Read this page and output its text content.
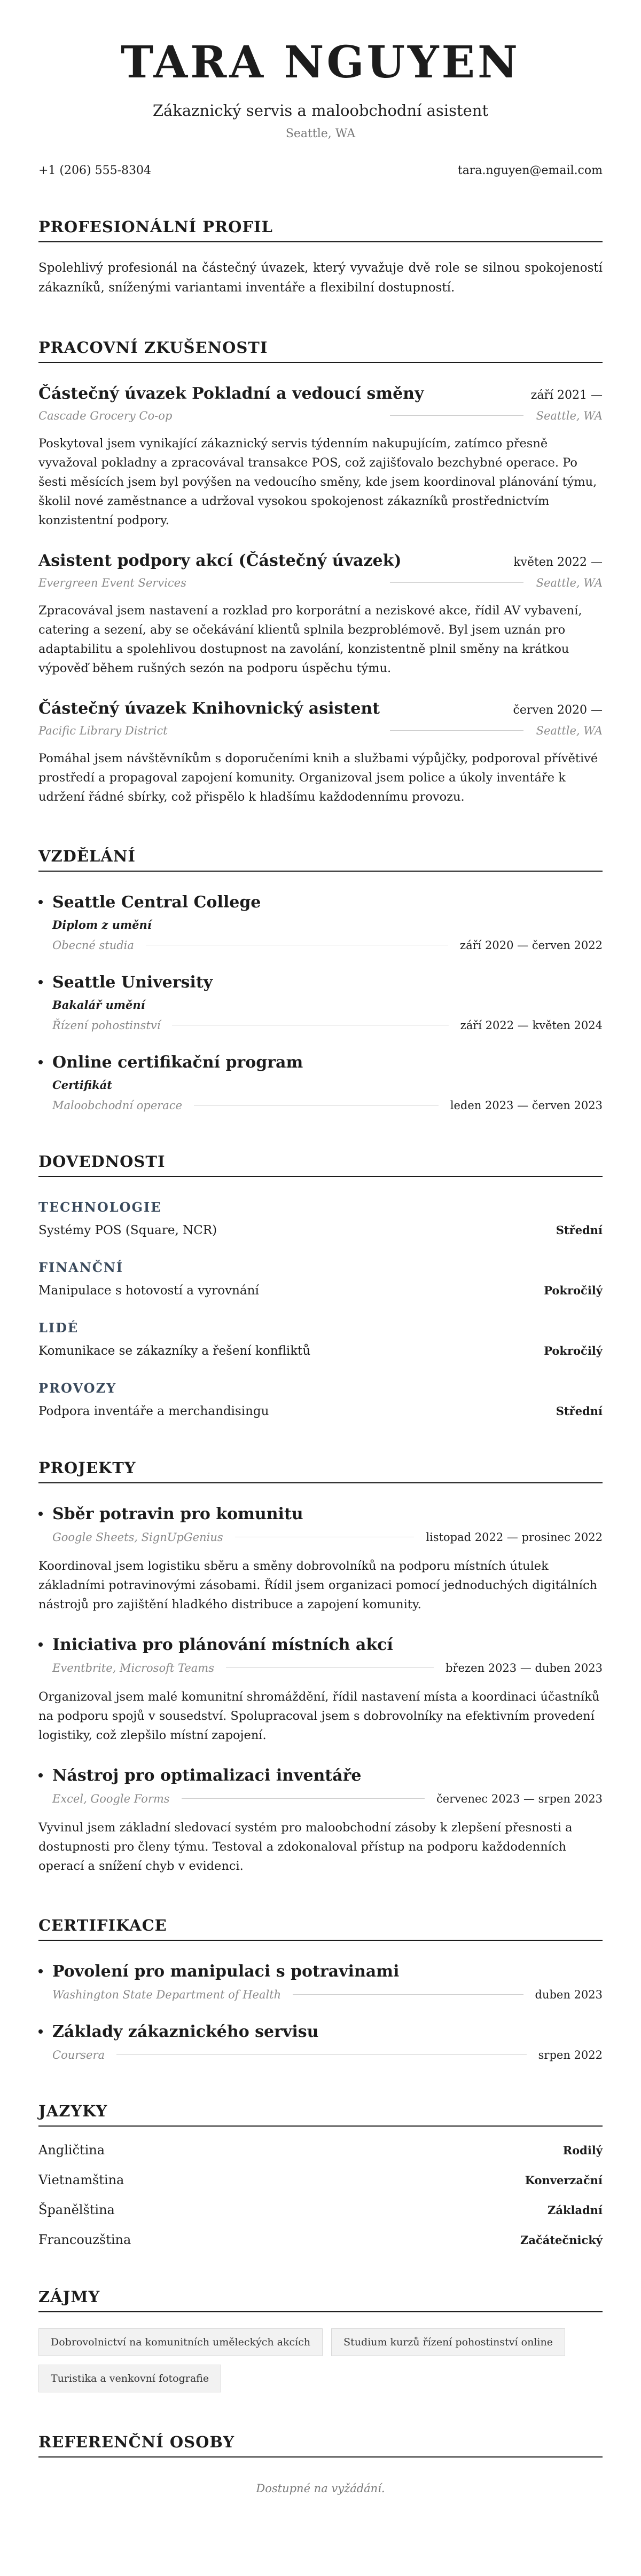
TARA NGUYEN
Zákaznický servis a maloobchodní asistent
Seattle, WA
+1 (206) 555-8304	tara.nguyen@email.com
PROFESIONÁLNÍ PROFIL

Spolehlivý profesionál na částečný úvazek, který vyvažuje dvě role se silnou spokojeností zákazníků, sníženými variantami inventáře a flexibilní dostupností.

PRACOVNÍ ZKUŠENOSTI
Částečný úvazek Pokladní a vedoucí směny	září 2021 —
Cascade Grocery Co-op	Seattle, WA
Poskytoval jsem vynikající zákaznický servis týdenním nakupujícím, zatímco přesně vyvažoval pokladny a zpracovával transakce POS, což zajišťovalo bezchybné operace. Po šesti měsících jsem byl povýšen na vedoucího směny, kde jsem koordinoval plánování týmu, školil nové zaměstnance a udržoval vysokou spokojenost zákazníků prostřednictvím konzistentní podpory.
Asistent podpory akcí (Částečný úvazek)	květen 2022 —
Evergreen Event Services	Seattle, WA
Zpracovával jsem nastavení a rozklad pro korporátní a neziskové akce, řídil AV vybavení, catering a sezení, aby se očekávání klientů splnila bezproblémově. Byl jsem uznán pro adaptabilitu a spolehlivou dostupnost na zavolání, konzistentně plnil směny na krátkou výpověď během rušných sezón na podporu úspěchu týmu.
Částečný úvazek Knihovnický asistent	červen 2020 —
Pacific Library District	Seattle, WA
Pomáhal jsem návštěvníkům s doporučeními knih a službami výpůjčky, podporoval přívětivé prostředí a propagoval zapojení komunity. Organizoval jsem police a úkoly inventáře k udržení řádné sbírky, což přispělo k hladšímu každodennímu provozu.
VZDĚLÁNÍ
Seattle Central College
Diplom z umění
Obecné studia	září 2020 — červen 2022
Seattle University
Bakalář umění
Řízení pohostinství	září 2022 — květen 2024
Online certifikační program
Certifikát
Maloobchodní operace	leden 2023 — červen 2023
DOVEDNOSTI
TECHNOLOGIE
Systémy POS (Square, NCR)	Střední
FINANČNÍ
Manipulace s hotovostí a vyrovnání	Pokročilý
LIDÉ
Komunikace se zákazníky a řešení konfliktů	Pokročilý
PROVOZY
Podpora inventáře a merchandisingu	Střední
PROJEKTY
Sběr potravin pro komunitu
Google Sheets, SignUpGenius	listopad 2022 — prosinec 2022
Koordinoval jsem logistiku sběru a směny dobrovolníků na podporu místních útulek základními potravinovými zásobami. Řídil jsem organizaci pomocí jednoduchých digitálních nástrojů pro zajištění hladkého distribuce a zapojení komunity.
Iniciativa pro plánování místních akcí
Eventbrite, Microsoft Teams	březen 2023 — duben 2023
Organizoval jsem malé komunitní shromáždění, řídil nastavení místa a koordinaci účastníků na podporu spojů v sousedství. Spolupracoval jsem s dobrovolníky na efektivním provedení logistiky, což zlepšilo místní zapojení.
Nástroj pro optimalizaci inventáře
Excel, Google Forms	červenec 2023 — srpen 2023
Vyvinul jsem základní sledovací systém pro maloobchodní zásoby k zlepšení přesnosti a dostupnosti pro členy týmu. Testoval a zdokonaloval přístup na podporu každodenních operací a snížení chyb v evidenci.
CERTIFIKACE
Povolení pro manipulaci s potravinami
Washington State Department of Health	duben 2023
Základy zákaznického servisu
Coursera	srpen 2022
JAZYKY
Angličtina	Rodilý
Vietnamština	Konverzační
Španělština	Základní
Francouzština	Začátečnický
ZÁJMY
Dobrovolnictví na komunitních uměleckých akcích	Studium kurzů řízení pohostinství online
Turistika a venkovní fotografie
REFERENČNÍ OSOBY
Dostupné na vyžádání.
